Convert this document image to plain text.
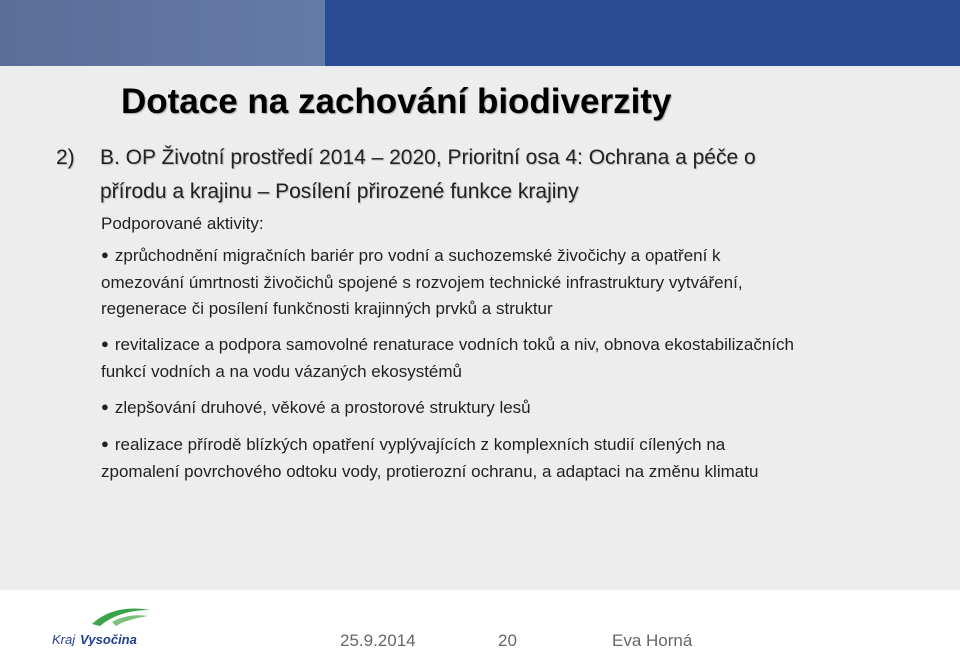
Dotace na zachování biodiverzity
2) B. OP Životní prostředí 2014 – 2020, Prioritní osa 4: Ochrana a péče o
přírodu a krajinu – Posílení přirozené funkce krajiny

Podporované aktivity:

● zprůchodnění migračních bariér pro vodní a suchozemské živočichy a opatření k

omezování úmrtnosti živočichů spojené s rozvojem technické infrastruktury vytváření,

regenerace či posílení funkčnosti krajinných prvků a struktur

● revitalizace a podpora samovolné renaturace vodních toků a niv, obnova ekostabilizačních

funkcí vodních a na vodu vázaných ekosystémů

● zlepšování druhové, věkové a prostorové struktury lesů

● realizace přírodě blízkých opatření vyplývajících z komplexních studií cílených na

zpomalení povrchového odtoku vody, protierozní ochranu, a adaptaci na změnu klimatu

Kraj Vysočina	25.9.2014	20	Eva Horná
